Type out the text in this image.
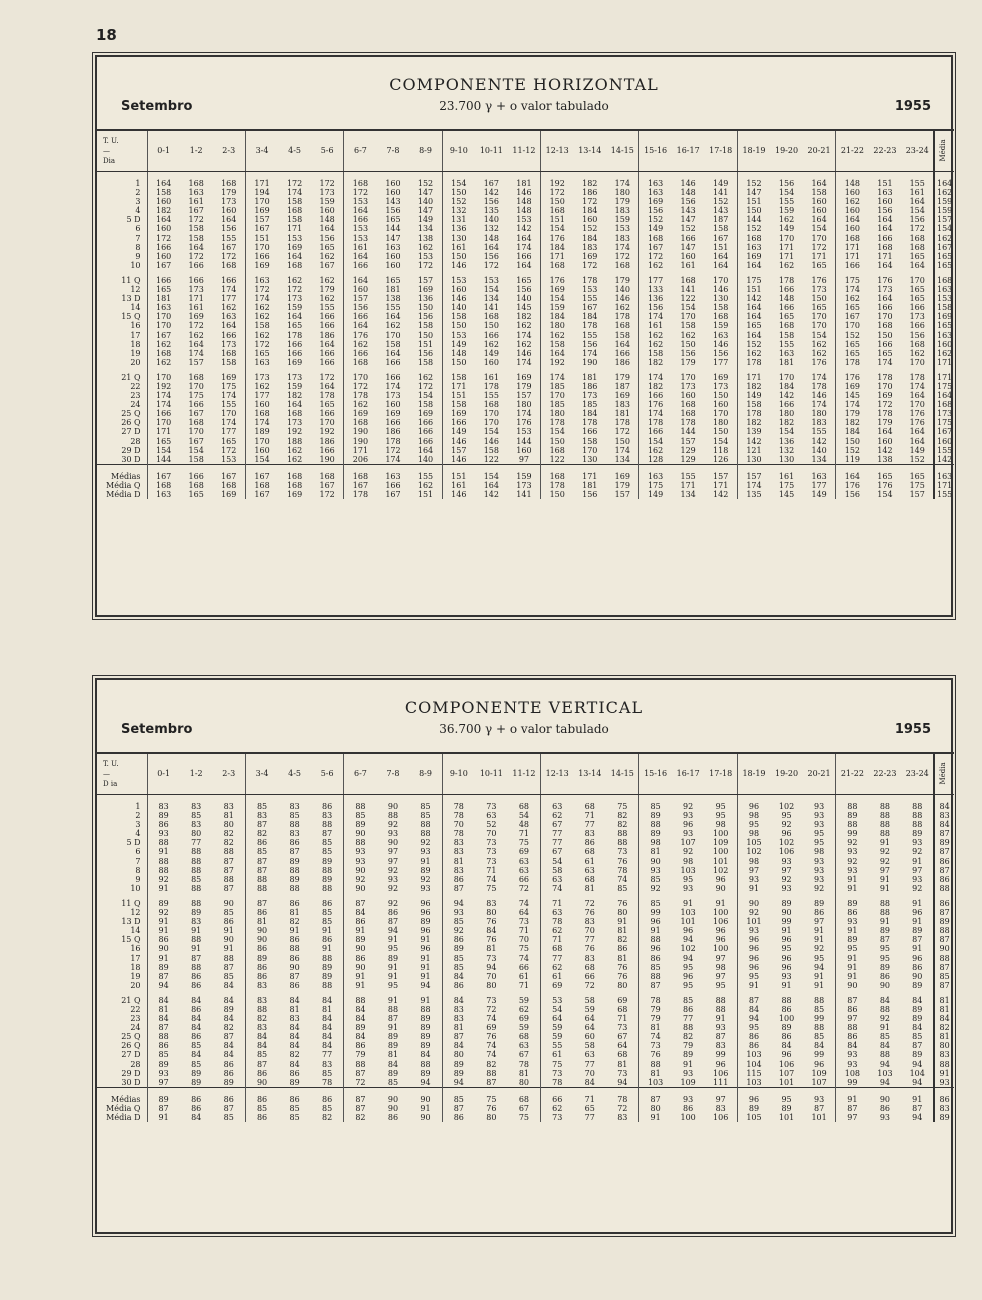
18
COMPONENTE HORIZONTAL
23.700 γ + o valor tabulado
Setembro	1955
T. U.
—
Dia	0-1	1-2	2-3	3-4	4-5	5-6	6-7	7-8	8-9	9-10	10-11	11-12	12-13	13-14	14-15	15-16	16-17	17-18	18-19	19-20	20-21	21-22	22-23	23-24	Média
1	164	168	168	171	172	172	168	160	152	154	167	181	192	182	174	163	146	149	152	156	164	148	151	155	164
2	158	163	179	194	174	173	172	160	147	150	142	146	172	186	180	163	148	141	147	154	158	160	163	161	162
3	160	161	173	170	158	159	153	143	140	152	156	148	150	172	179	169	156	152	151	155	160	162	160	164	159
4	182	167	160	169	168	160	164	156	147	132	135	148	168	184	183	156	143	143	150	159	160	160	156	154	159
5 D	164	172	164	157	158	148	166	165	149	131	140	153	151	160	159	152	147	187	144	162	164	164	164	156	157
6	160	158	156	167	171	164	153	144	134	136	132	142	154	152	153	149	152	158	152	149	154	160	164	172	154
7	172	158	155	151	153	156	153	147	138	130	148	164	176	184	183	168	166	167	168	170	170	168	166	168	162
8	166	164	167	170	169	165	161	163	162	161	164	174	184	183	174	167	147	151	163	171	172	171	168	168	167
9	160	172	172	166	164	162	164	160	153	150	156	166	171	169	172	172	160	164	169	171	171	171	171	165	165
10	167	166	168	169	168	167	166	160	172	146	172	164	168	172	168	162	161	164	164	162	165	166	164	164	165
11 Q	166	166	166	163	162	162	164	165	157	153	153	165	176	178	179	177	168	170	175	178	176	175	176	170	168
12	165	173	174	172	172	179	160	181	169	160	154	156	169	153	140	133	141	146	151	166	173	174	173	165	163
13 D	181	171	177	174	173	162	157	138	136	146	134	140	154	155	146	136	122	130	142	148	150	162	164	165	153
14	163	161	162	162	159	155	156	155	150	140	141	145	159	167	162	156	154	158	164	166	165	165	166	166	158
15 Q	170	169	163	162	164	166	166	164	156	158	168	182	184	184	178	174	170	168	164	165	170	167	170	173	169
16	170	172	164	158	165	166	164	162	158	150	150	162	180	178	168	161	158	159	165	168	170	170	168	166	165
17	167	162	166	162	178	186	176	170	150	153	166	174	162	155	158	162	162	163	164	158	154	152	150	156	163
18	162	164	173	172	166	164	162	158	151	149	162	162	158	156	164	162	150	146	152	155	162	165	166	168	160
19	168	174	168	165	166	166	166	164	156	148	149	146	164	174	166	158	156	156	162	163	162	165	165	162	162
20	162	157	158	163	169	166	168	166	158	150	160	174	192	190	186	182	179	177	178	181	176	178	174	170	171
21 Q	170	168	169	173	173	172	170	166	162	158	161	169	174	181	179	174	170	169	171	170	174	176	178	178	171
22	192	170	175	162	159	164	172	174	172	171	178	179	185	186	187	182	173	173	182	184	178	169	170	174	175
23	174	175	174	177	182	178	178	173	154	151	155	157	170	173	169	166	160	150	149	142	146	145	169	164	164
24	174	166	155	160	164	165	162	160	158	158	168	180	185	185	183	176	168	160	158	166	174	174	172	170	168
25 Q	166	167	170	168	168	166	169	169	169	169	170	174	180	184	181	174	168	170	178	180	180	179	178	176	173
26 Q	170	168	174	174	173	170	168	166	166	166	170	176	178	178	178	178	178	180	182	182	183	182	179	176	175
27 D	171	170	177	189	192	192	190	186	166	149	154	153	154	166	172	166	144	150	139	154	155	184	164	164	167
28	165	167	165	170	188	186	190	178	166	146	146	144	150	158	150	154	157	154	142	136	142	150	160	164	160
29 D	154	154	172	160	162	166	171	172	164	157	158	160	168	170	174	162	129	118	121	132	140	152	142	149	155
30 D	144	158	153	154	162	190	206	174	140	146	122	97	122	130	134	128	129	126	130	130	134	119	138	152	142
Médias	167	166	167	167	168	168	168	163	155	151	154	159	168	171	169	163	155	157	157	161	163	164	165	165	163
Média Q	168	168	168	168	168	167	167	166	162	161	164	173	178	181	179	175	171	171	174	175	177	176	176	175	171
Média D	163	165	169	167	169	172	178	167	151	146	142	141	150	156	157	149	134	142	135	145	149	156	154	157	155
COMPONENTE VERTICAL
36.700 γ + o valor tabulado
Setembro	1955
T. U.
—
D ia	0-1	1-2	2-3	3-4	4-5	5-6	6-7	7-8	8-9	9-10	10-11	11-12	12-13	13-14	14-15	15-16	16-17	17-18	18-19	19-20	20-21	21-22	22-23	23-24	Média
1	83	83	83	85	83	86	88	90	85	78	73	68	63	68	75	85	92	95	96	102	93	88	88	88	84
2	89	85	81	83	85	83	85	88	85	78	63	54	62	71	82	89	93	95	98	95	93	89	88	88	83
3	86	83	80	87	88	88	89	92	88	70	52	48	67	77	82	88	96	98	95	92	93	88	88	88	84
4	93	80	82	82	83	87	90	93	88	78	70	71	77	83	88	89	93	100	98	96	95	99	88	89	87
5 D	88	77	82	86	86	85	88	90	92	83	73	75	77	86	88	98	107	109	105	102	95	92	91	93	89
6	91	88	88	85	87	85	93	97	93	83	73	69	67	68	73	81	92	100	102	106	98	93	92	92	87
7	88	88	87	87	89	89	93	97	91	81	73	63	54	61	76	90	98	101	98	93	93	92	92	91	86
8	88	88	87	87	88	88	90	92	89	83	71	63	58	63	78	93	103	102	97	97	93	93	97	97	87
9	92	85	88	88	89	89	92	93	92	86	74	66	63	68	74	85	95	96	93	92	93	91	91	93	86
10	91	88	87	88	88	88	90	92	93	87	75	72	74	81	85	92	93	90	91	93	92	91	91	92	88
11 Q	89	88	90	87	86	86	87	92	96	94	83	74	71	72	76	85	91	91	90	89	89	89	88	91	86
12	92	89	85	86	81	85	84	86	96	93	80	64	63	76	80	99	103	100	92	90	86	86	88	96	87
13 D	91	83	86	81	82	85	86	87	89	85	76	73	78	83	91	96	101	106	101	99	97	93	91	91	89
14	91	91	91	90	91	91	91	94	96	92	84	71	62	70	81	91	96	96	93	91	91	91	89	89	88
15 Q	86	88	90	90	86	86	89	91	91	86	76	70	71	77	82	88	94	96	96	96	91	89	87	87	87
16	90	91	91	86	88	91	90	95	96	89	81	75	68	76	86	96	102	100	96	95	92	95	95	91	90
17	91	87	88	89	86	88	86	89	91	85	73	74	77	83	81	86	94	97	96	96	95	91	95	96	88
18	89	88	87	86	90	89	90	91	91	85	94	66	62	68	76	85	95	98	96	96	94	91	89	86	87
19	87	86	85	86	87	89	91	91	91	84	70	61	61	66	76	88	96	97	95	93	91	91	86	90	85
20	94	86	84	83	86	88	91	95	94	86	80	71	69	72	80	87	95	95	91	91	91	90	90	89	87
21 Q	84	84	84	83	84	84	88	91	91	84	73	59	53	58	69	78	85	88	87	88	88	87	84	84	81
22	81	86	89	88	81	81	84	88	88	83	72	62	54	59	68	79	86	88	84	86	85	86	88	89	81
23	84	84	84	82	83	84	84	87	89	83	74	69	64	64	71	79	77	91	94	100	99	97	92	89	84
24	87	84	82	83	84	84	89	91	89	81	69	59	59	64	73	81	88	93	95	89	88	88	91	84	82
25 Q	88	86	87	84	84	84	84	89	89	87	76	68	59	60	67	74	82	87	86	86	85	86	85	85	81
26 Q	86	85	84	84	84	84	86	89	89	84	74	63	55	58	64	73	79	83	86	84	84	84	84	87	80
27 D	85	84	84	85	82	77	79	81	84	80	74	67	61	63	68	76	89	99	103	96	99	93	88	89	83
28	89	85	86	87	84	83	88	84	88	89	82	78	75	77	81	88	91	96	104	106	96	93	94	94	88
29 D	93	89	86	86	86	85	87	89	89	89	88	81	73	70	73	81	93	106	115	107	109	108	103	104	91
30 D	97	89	89	90	89	78	72	85	94	94	87	80	78	84	94	103	109	111	103	101	107	99	94	94	93
Médias	89	86	86	86	86	86	87	90	90	85	75	68	66	71	78	87	93	97	96	95	93	91	90	91	86
Média Q	87	86	87	85	85	85	87	90	91	87	76	67	62	65	72	80	86	83	89	89	87	87	86	87	83
Média D	91	84	85	86	85	82	82	86	90	86	80	75	73	77	83	91	100	106	105	101	101	97	93	94	89
